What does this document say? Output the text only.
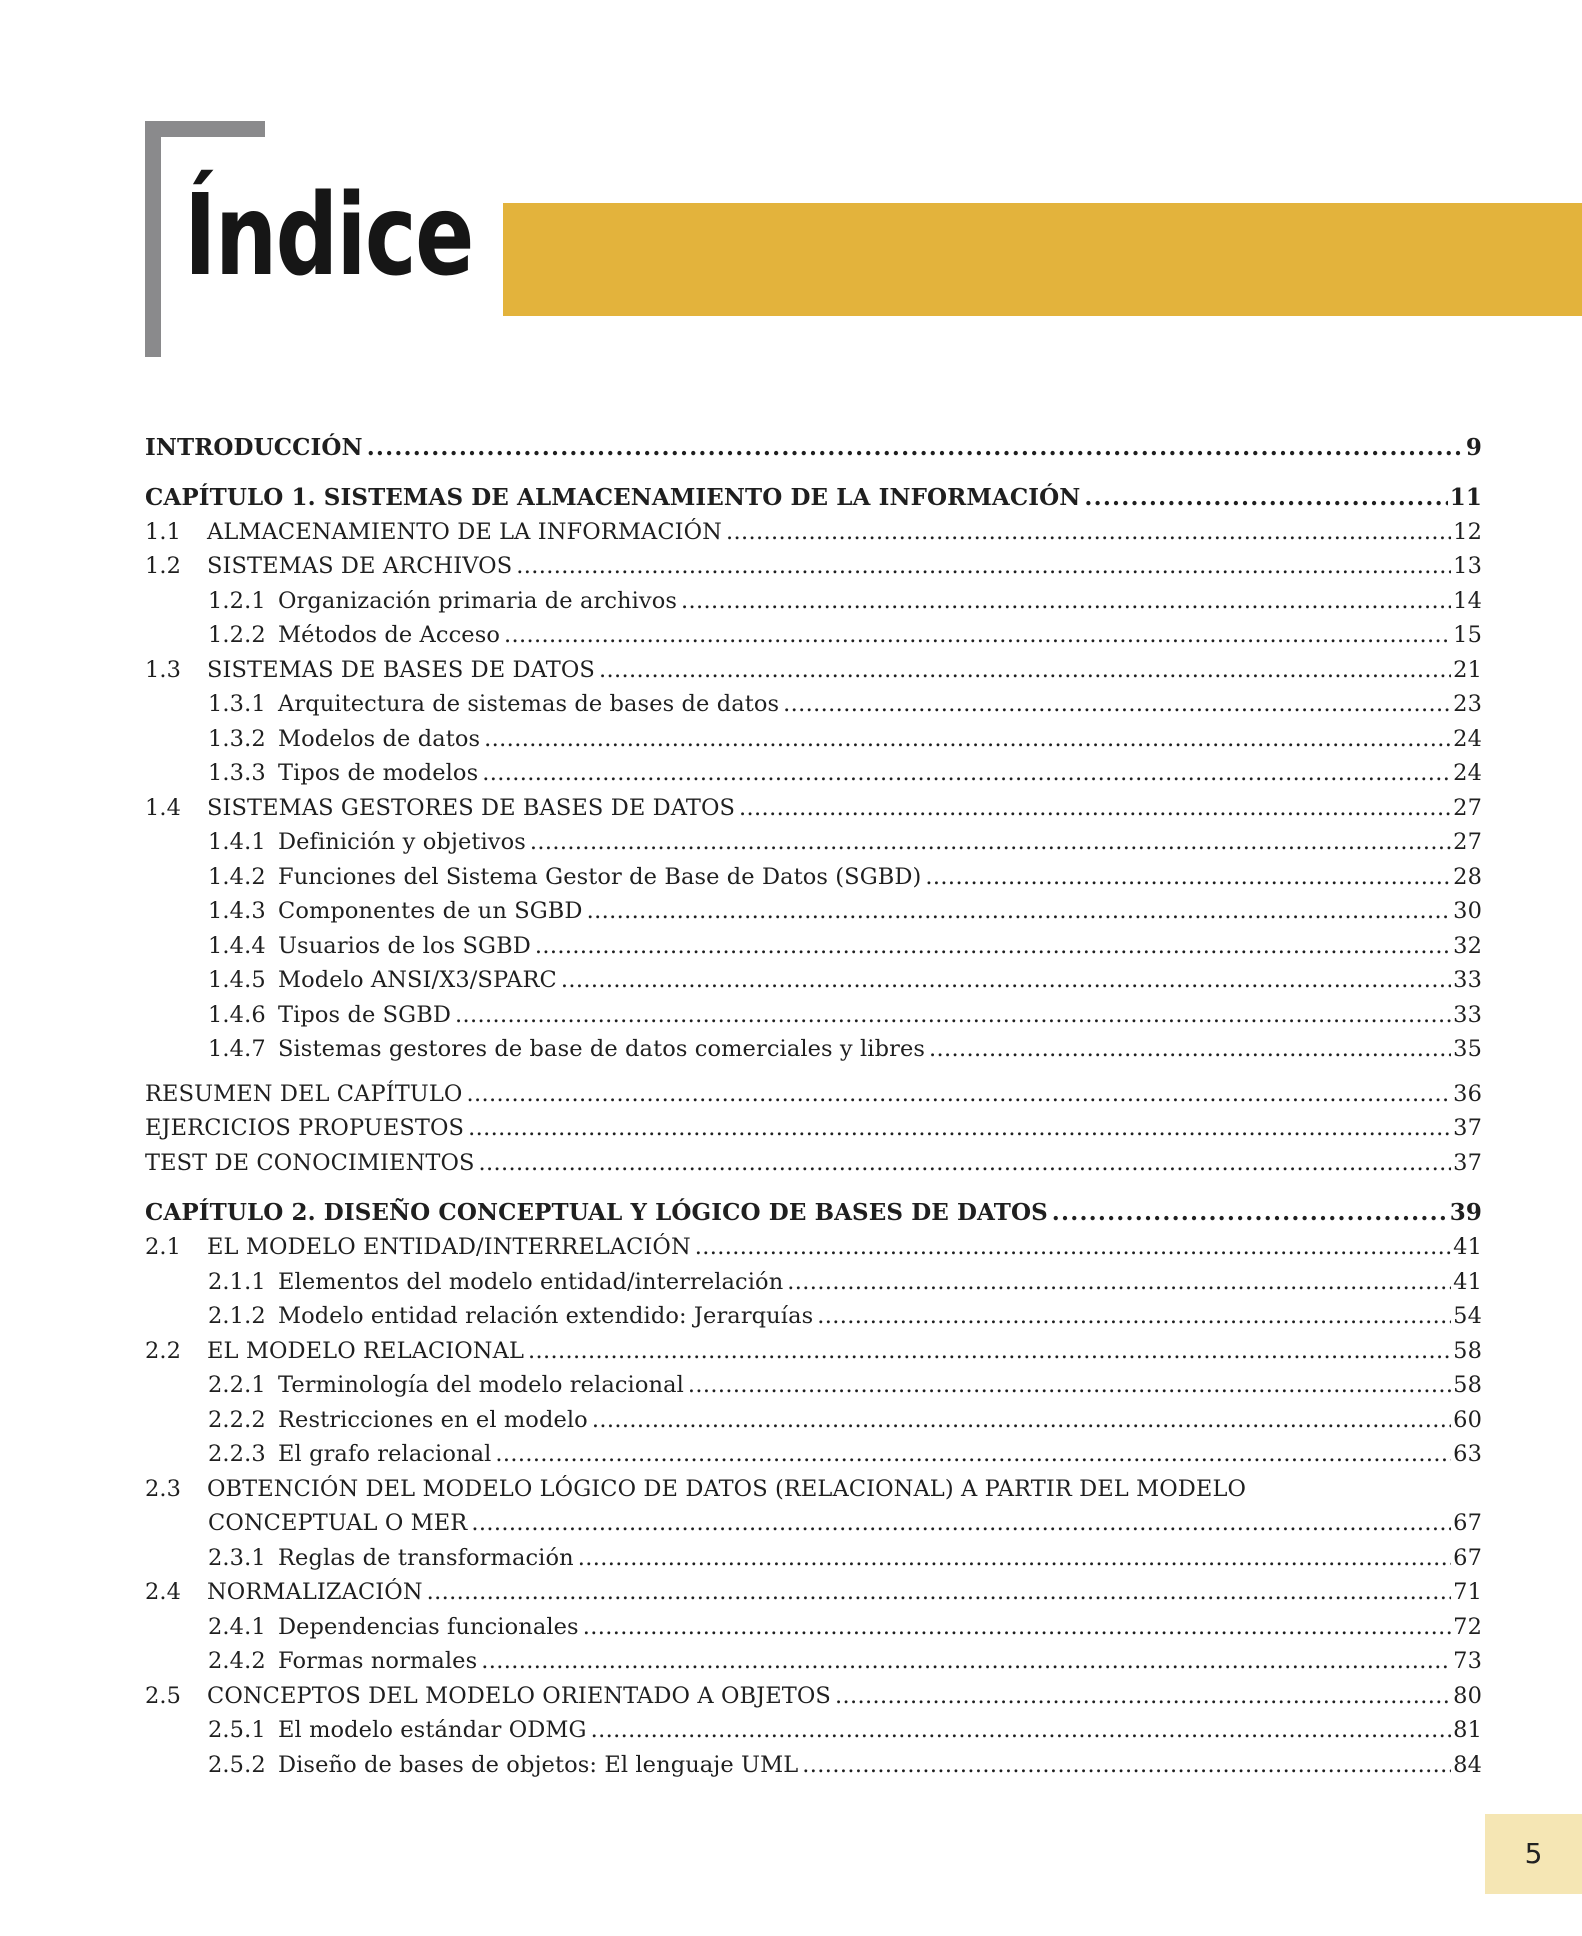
Índice
INTRODUCCIÓN . . .	9
CAPÍTULO 1. SISTEMAS DE ALMACENAMIENTO DE LA INFORMACIÓN . . .	11
1.1	ALMACENAMIENTO DE LA INFORMACIÓN . . .	12
1.2	SISTEMAS DE ARCHIVOS . . .	13
1.2.1 Organización primaria de archivos . . .	14
1.2.2 Métodos de Acceso . . .	15
1.3	SISTEMAS DE BASES DE DATOS . . .	21
1.3.1 Arquitectura de sistemas de bases de datos . . .	23
1.3.2 Modelos de datos . . .	24
1.3.3 Tipos de modelos . . .	24
1.4	SISTEMAS GESTORES DE BASES DE DATOS . . .	27
1.4.1 Definición y objetivos . . .	27
1.4.2 Funciones del Sistema Gestor de Base de Datos (SGBD) . . .	28
1.4.3 Componentes de un SGBD . . .	30
1.4.4 Usuarios de los SGBD . . .	32
1.4.5 Modelo ANSI/X3/SPARC . . .	33
1.4.6 Tipos de SGBD . . .	33
1.4.7 Sistemas gestores de base de datos comerciales y libres . . .	35
RESUMEN DEL CAPÍTULO . . .	36
EJERCICIOS PROPUESTOS . . .	37
TEST DE CONOCIMIENTOS . . .	37
CAPÍTULO 2. DISEÑO CONCEPTUAL Y LÓGICO DE BASES DE DATOS . . .	39
2.1	EL MODELO ENTIDAD/INTERRELACIÓN . . .	41
2.1.1 Elementos del modelo entidad/interrelación . . .	41
2.1.2 Modelo entidad relación extendido: Jerarquías . . .	54
2.2	EL MODELO RELACIONAL . . .	58
2.2.1 Terminología del modelo relacional . . .	58
2.2.2 Restricciones en el modelo . . .	60
2.2.3 El grafo relacional . . .	63
2.3	OBTENCIÓN DEL MODELO LÓGICO DE DATOS (RELACIONAL) A PARTIR DEL MODELO
CONCEPTUAL O MER . . .	67
2.3.1 Reglas de transformación . . .	67
2.4	NORMALIZACIÓN . . .	71
2.4.1 Dependencias funcionales . . .	72
2.4.2 Formas normales . . .	73
2.5	CONCEPTOS DEL MODELO ORIENTADO A OBJETOS . . .	80
2.5.1 El modelo estándar ODMG . . .	81
2.5.2 Diseño de bases de objetos: El lenguaje UML . . .	84
5
